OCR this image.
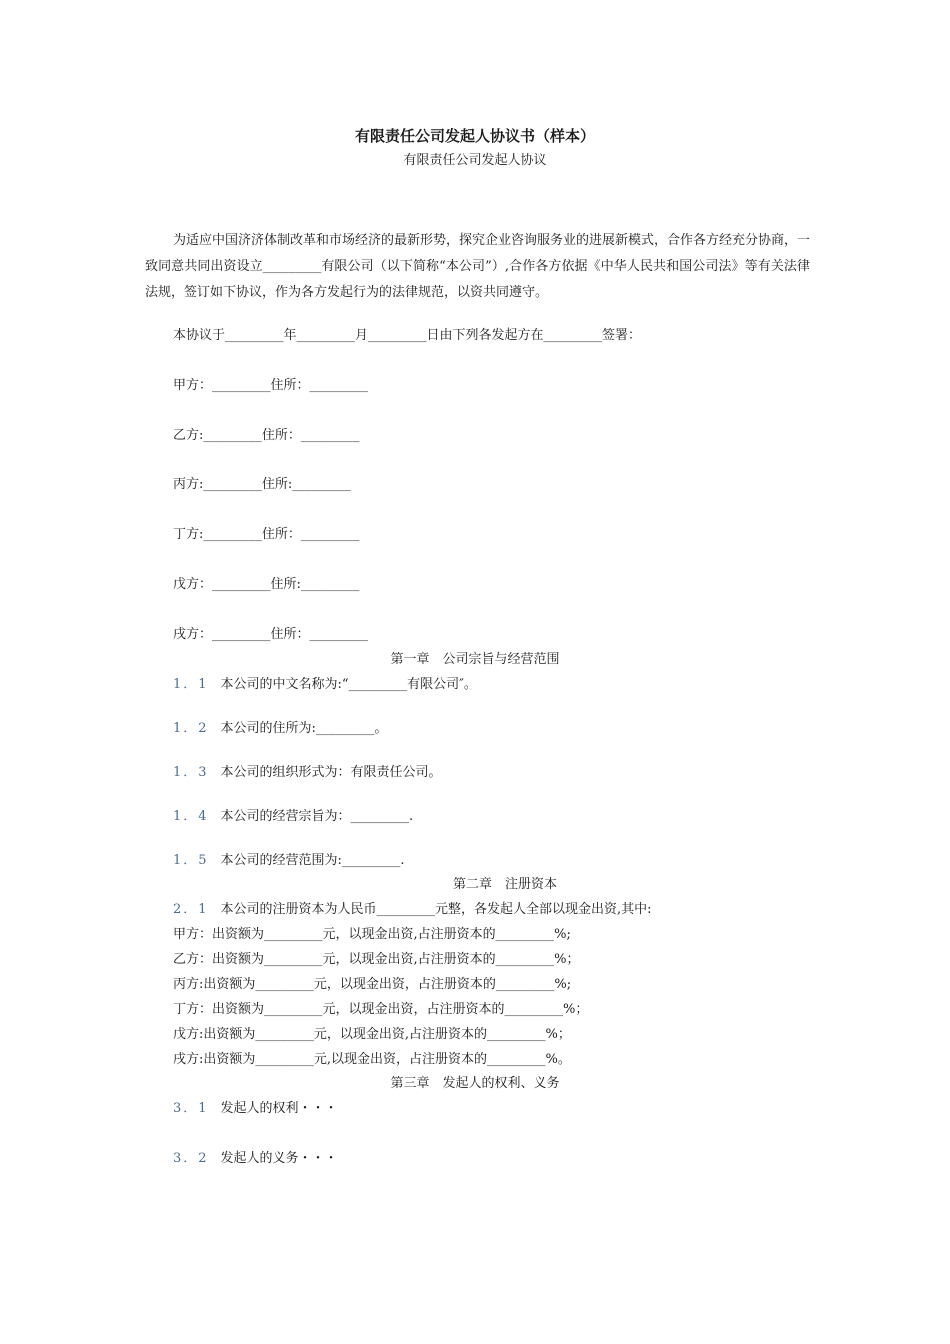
有限责任公司发起人协议书（样本）
有限责任公司发起人协议
为适应中国济济体制改革和市场经济的最新形势，探究企业咨询服务业的进展新模式，合作各方经充分协商，一致同意共同出资设立_________有限公司（以下简称“本公司”）,合作各方依据《中华人民共和国公司法》等有关法律法规，签订如下协议，作为各方发起行为的法律规范，以资共同遵守。
本协议于_________年_________月_________日由下列各发起方在_________签署：
甲方：_________住所：_________
乙方:_________住所：_________
丙方:_________住所:_________
丁方:_________住所：_________
戊方：_________住所:_________
戌方：_________住所：_________
第一章　公司宗旨与经营范围
1．1 本公司的中文名称为:“_________有限公司″。
1．2 本公司的住所为:_________。
1．3 本公司的组织形式为：有限责任公司。
1．4 本公司的经营宗旨为：_________.
1．5 本公司的经营范围为:_________.
第二章　注册资本
2．1 本公司的注册资本为人民币_________元整，各发起人全部以现金出资,其中:
甲方：出资额为_________元，以现金出资,占注册资本的_________%;
乙方：出资额为_________元，以现金出资,占注册资本的_________%；
丙方:出资额为_________元，以现金出资，占注册资本的_________%;
丁方：出资额为_________元，以现金出资，占注册资本的_________%；
戊方:出资额为_________元，以现金出资,占注册资本的_________%；
戌方:出资额为_________元,以现金出资，占注册资本的_________%。
第三章　发起人的权利、义务
3．1 发起人的权利・・・
3．2 发起人的义务・・・
